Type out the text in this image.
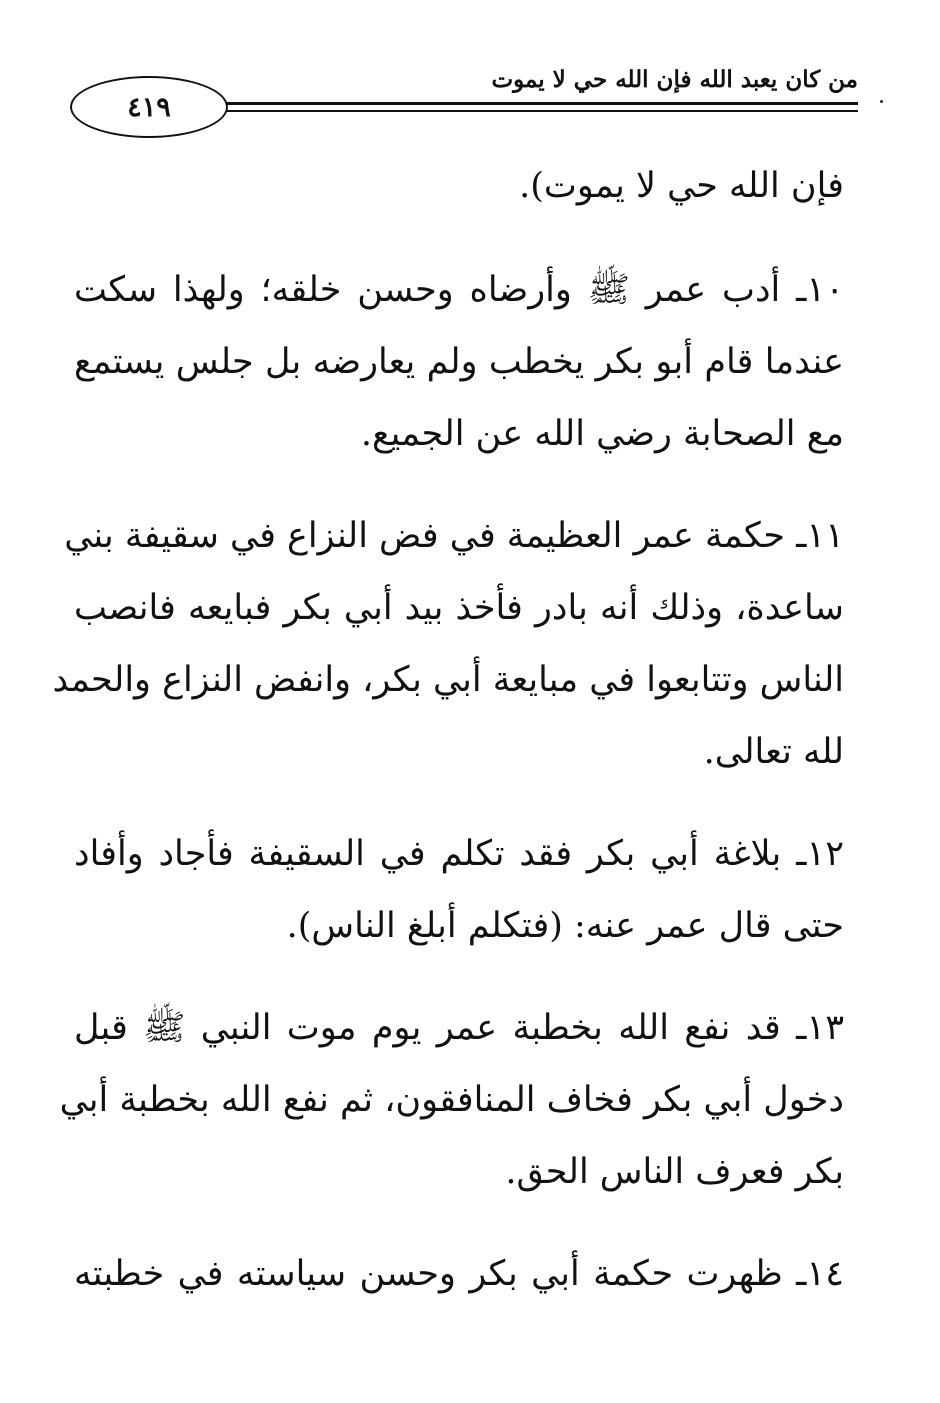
٤١٩
من كان يعبد الله فإن الله حي لا يموت

فإن الله حي لا يموت).

١٠ـ أدب عمر ﷺ وأرضاه وحسن خلقه؛ ولهذا سكت
عندما قام أبو بكر يخطب ولم يعارضه بل جلس يستمع
مع الصحابة رضي الله عن الجميع.

١١ـ حكمة عمر العظيمة في فض النزاع في سقيفة بني
ساعدة، وذلك أنه بادر فأخذ بيد أبي بكر فبايعه فانصب
الناس وتتابعوا في مبايعة أبي بكر، وانفض النزاع والحمد
لله تعالى.

١٢ـ بلاغة أبي بكر فقد تكلم في السقيفة فأجاد وأفاد
حتى قال عمر عنه: (فتكلم أبلغ الناس).

١٣ـ قد نفع الله بخطبة عمر يوم موت النبي ﷺ قبل
دخول أبي بكر فخاف المنافقون، ثم نفع الله بخطبة أبي
بكر فعرف الناس الحق.

١٤ـ ظهرت حكمة أبي بكر وحسن سياسته في خطبته
